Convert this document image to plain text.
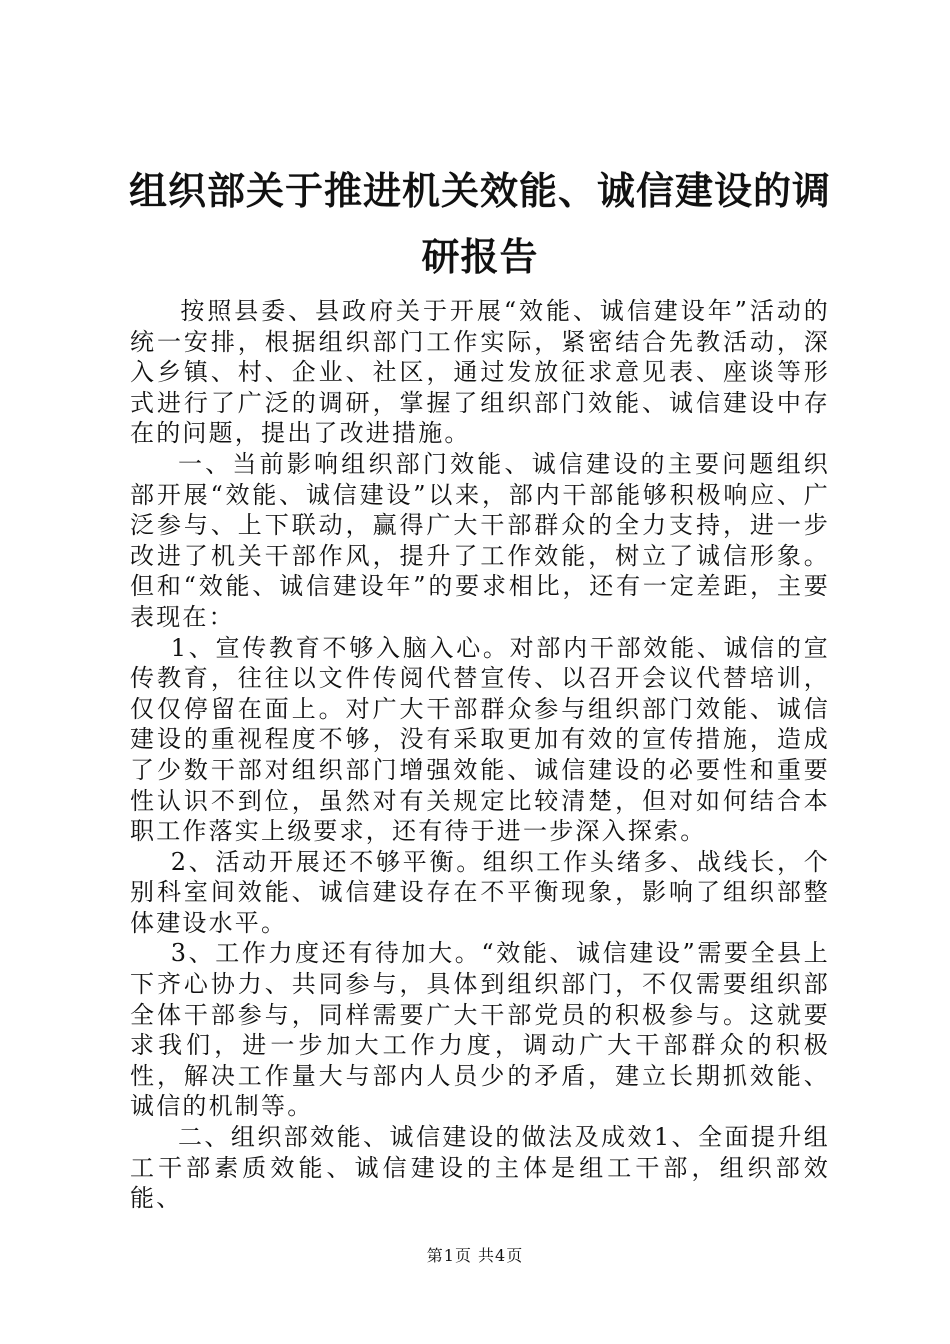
组织部关于推进机关效能、诚信建设的调研报告

按照县委、县政府关于开展“效能、诚信建设年”活动的统一安排，根据组织部门工作实际，紧密结合先教活动，深入乡镇、村、企业、社区，通过发放征求意见表、座谈等形式进行了广泛的调研，掌握了组织部门效能、诚信建设中存在的问题，提出了改进措施。

一、当前影响组织部门效能、诚信建设的主要问题组织部开展“效能、诚信建设”以来，部内干部能够积极响应、广泛参与、上下联动，赢得广大干部群众的全力支持，进一步改进了机关干部作风，提升了工作效能，树立了诚信形象。但和“效能、诚信建设年”的要求相比，还有一定差距，主要表现在：

1、宣传教育不够入脑入心。对部内干部效能、诚信的宣传教育，往往以文件传阅代替宣传、以召开会议代替培训，仅仅停留在面上。对广大干部群众参与组织部门效能、诚信建设的重视程度不够，没有采取更加有效的宣传措施，造成了少数干部对组织部门增强效能、诚信建设的必要性和重要性认识不到位，虽然对有关规定比较清楚，但对如何结合本职工作落实上级要求，还有待于进一步深入探索。

2、活动开展还不够平衡。组织工作头绪多、战线长，个别科室间效能、诚信建设存在不平衡现象，影响了组织部整体建设水平。

3、工作力度还有待加大。“效能、诚信建设”需要全县上下齐心协力、共同参与，具体到组织部门，不仅需要组织部全体干部参与，同样需要广大干部党员的积极参与。这就要求我们，进一步加大工作力度，调动广大干部群众的积极性，解决工作量大与部内人员少的矛盾，建立长期抓效能、诚信的机制等。

二、组织部效能、诚信建设的做法及成效1、全面提升组工干部素质效能、诚信建设的主体是组工干部，组织部效能、

第1页 共4页
